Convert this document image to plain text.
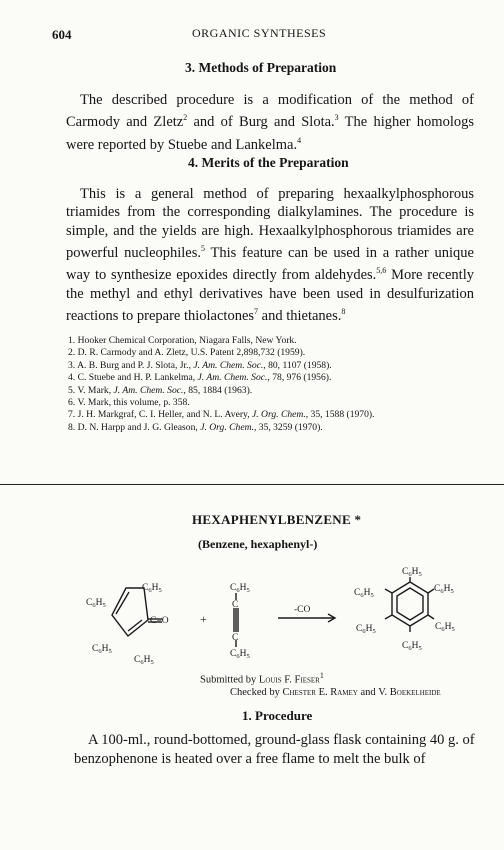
604	ORGANIC SYNTHESES
3. Methods of Preparation

The described procedure is a modification of the method of Carmody and Zletz$^2$ and of Burg and Slota.$^3$ The higher homologs were reported by Stuebe and Lankelma.$^4$

4. Merits of the Preparation

This is a general method of preparing hexaalkylphosphorous triamides from the corresponding dialkylamines. The procedure is simple, and the yields are high. Hexaalkylphosphorous triamides are powerful nucleophiles.$^5$ This feature can be used in a rather unique way to synthesize epoxides directly from aldehydes.$^{5,6}$ More recently the methyl and ethyl derivatives have been used in desulfurization reactions to prepare thiolactones$^7$ and thietanes.$^8$

1. Hooker Chemical Corporation, Niagara Falls, New York.
2. D. R. Carmody and A. Zletz, U.S. Patent 2,898,732 (1959).
3. A. B. Burg and P. J. Slota, Jr., J. Am. Chem. Soc., 80, 1107 (1958).
4. C. Stuebe and H. P. Lankelma, J. Am. Chem. Soc., 78, 976 (1956).
5. V. Mark, J. Am. Chem. Soc., 85, 1884 (1963).
6. V. Mark, this volume, p. 358.
7. J. H. Markgraf, C. I. Heller, and N. L. Avery, J. Org. Chem., 35, 1588 (1970).
8. D. N. Harpp and J. G. Gleason, J. Org. Chem., 35, 3259 (1970).
HEXAPHENYLBENZENE *
(Benzene, hexaphenyl-)
$C_6H_5$
$C_6H_5$
$C_6H_5$
$C_6H_5$
C=O	+
$C_6H_5$
C
C
$C_6H_5$
-CO
$C_6H_5$
$C_6H_5$
$C_6H_5$
$C_6H_5$
$C_6H_5$
$C_6H_5$
Submitted by Louis F. Fieser$^1$
Checked by Chester E. Ramey and V. Boekelheide
1. Procedure

A 100-ml., round-bottomed, ground-glass flask containing 40 g. of benzophenone is heated over a free flame to melt the bulk of
